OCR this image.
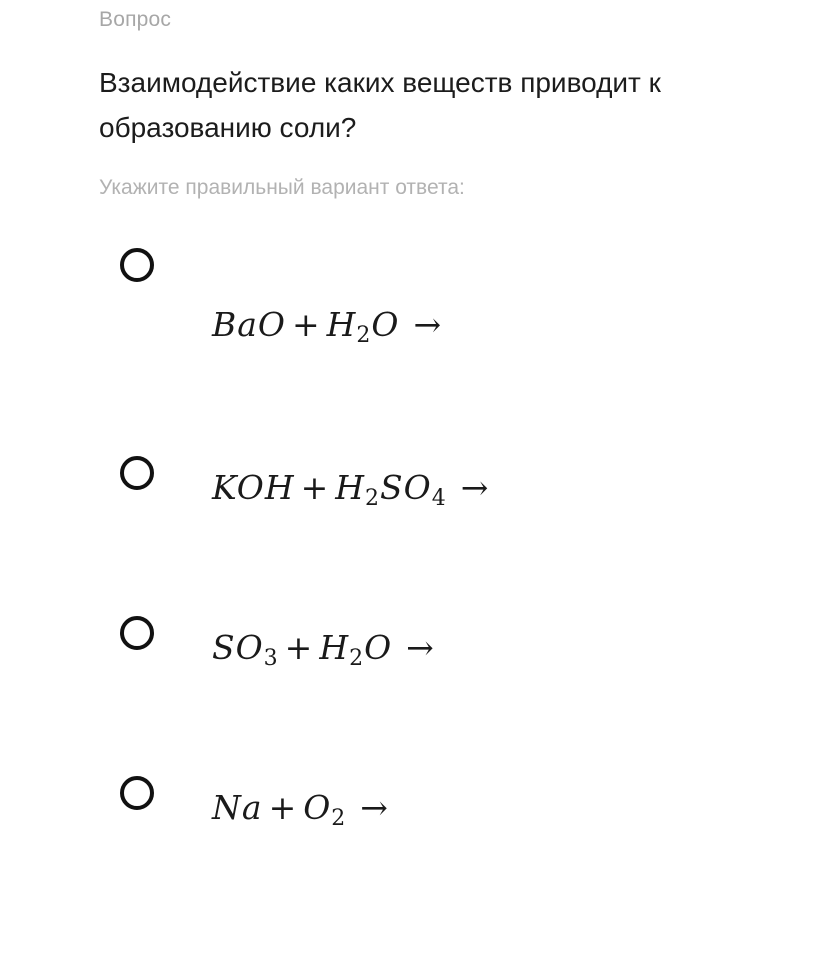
Вопрос
Взаимодействие каких веществ приводит к образованию соли?
Укажите правильный вариант ответа:
BaO + $H_2O$ →
KOH + $H_2SO_4$ →
$SO_3 + H_2O$ →
$Na + O_2$ →
